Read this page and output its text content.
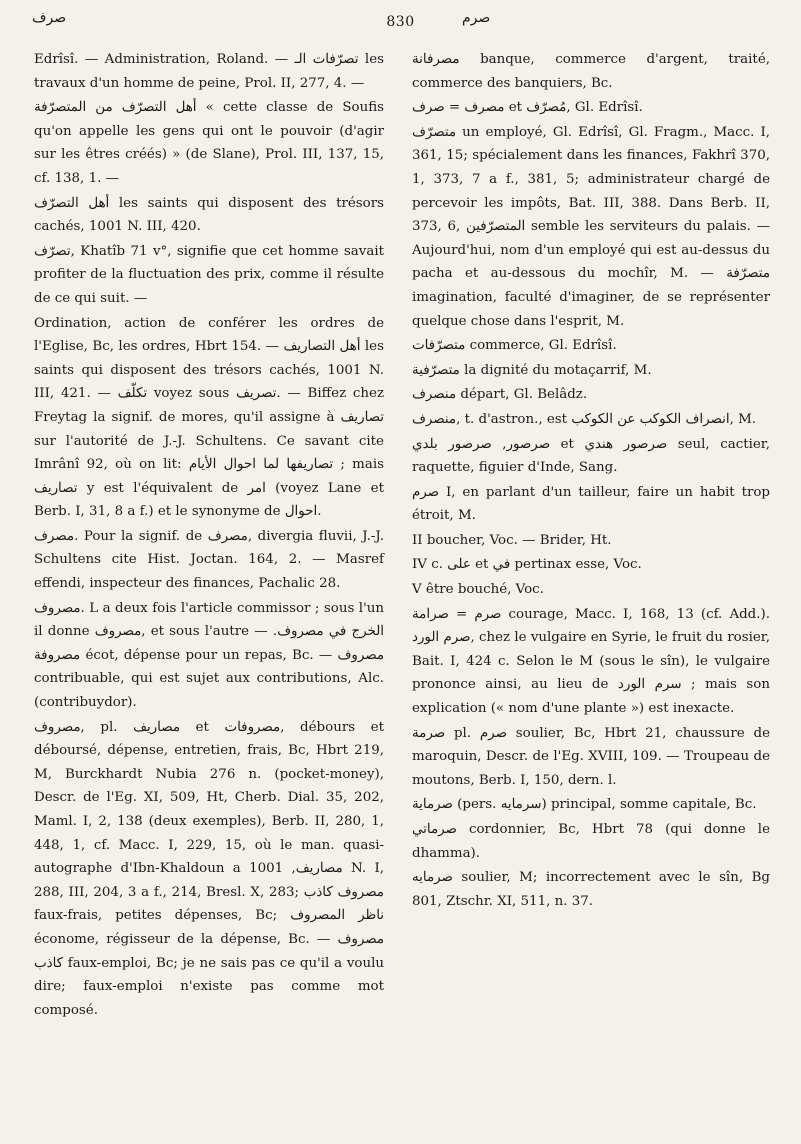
صرف	830	صرم

Edrîsî. — Administration, Roland. — تصرّفات الـ les travaux d'un homme de peine, Prol. II, 277, 4. —

أهل التصرّف من المتصرّفة « cette classe de Soufis qu'on appelle les gens qui ont le pouvoir (d'agir sur les êtres créés) » (de Slane), Prol. III, 137, 15, cf. 138, 1. —

أهل التصرّف les saints qui disposent des trésors cachés, 1001 N. III, 420.

تصرّف, Khatîb 71 v°, signifie que cet homme savait profiter de la fluctuation des prix, comme il résulte de ce qui suit. —

Ordination, action de conférer les ordres de l'Eglise, Bc, les ordres, Hbrt 154. — أهل التصاريف les saints qui disposent des trésors cachés, 1001 N. III, 421. — تكلّف voyez sous تصريف. — Biffez chez Freytag la signif. de mores, qu'il assigne à تصاريف sur l'autorité de J.-J. Schultens. Ce savant cite Imrânî 92, où on lit: تصاريفها لما احوال الأيام ; mais تصاريف y est l'équivalent de امر (voyez Lane et Berb. I, 31, 8 a f.) et le synonyme de احوال.

مصرف. Pour la signif. de مصرف, divergia fluvii, J.-J. Schultens cite Hist. Joctan. 164, 2. — Masref effendi, inspecteur des finances, Pachalic 28.

مصروف. L a deux fois l'article commissor ; sous l'un il donne مصروف, et sous l'autre الخرج في مصروف. — مصروفة écot, dépense pour un repas, Bc. — مصروف contribuable, qui est sujet aux contributions, Alc. (contribuydor).

مصروف, pl. مصاريف et مصروفات, débours et déboursé, dépense, entretien, frais, Bc, Hbrt 219, M, Burckhardt Nubia 276 n. (pocket-money), Descr. de l'Eg. XI, 509, Ht, Cherb. Dial. 35, 202, Maml. I, 2, 138 (deux exemples), Berb. II, 280, 1, 448, 1, cf. Macc. I, 229, 15, où le man. quasi-autographe d'Ibn-Khaldoun a مصاريف, 1001 N. I, 288, III, 204, 3 a f., 214, Bresl. X, 283; مصروف كاذب faux-frais, petites dépenses, Bc; ناظر المصروف économe, régisseur de la dépense, Bc. — مصروف كاذب faux-emploi, Bc; je ne sais pas ce qu'il a voulu dire; faux-emploi n'existe pas comme mot composé.

مصرفانة banque, commerce d'argent, traité, commerce des banquiers, Bc.

مصرف = صرف et مُصرّف, Gl. Edrîsî.

متصرّف un employé, Gl. Edrîsî, Gl. Fragm., Macc. I, 361, 15; spécialement dans les finances, Fakhrî 370, 1, 373, 7 a f., 381, 5; administrateur chargé de percevoir les impôts, Bat. III, 388. Dans Berb. II, 373, 6, المتصرّفين semble les serviteurs du palais. — Aujourd'hui, nom d'un employé qui est au-dessus du pacha et au-dessous du mochîr, M. — متصرّفة imagination, faculté d'imaginer, de se représenter quelque chose dans l'esprit, M.

متصرّفات commerce, Gl. Edrîsî.

متصرّفية la dignité du motaçarrif, M.

منصرف départ, Gl. Belâdz.

منصرف, t. d'astron., est انصراف الكوكب عن الكوكب, M.

صرصور, صرصور بلدي et صرصور هندي seul, cactier, raquette, figuier d'Inde, Sang.

صرم I, en parlant d'un tailleur, faire un habit trop étroit, M.

II boucher, Voc. — Brider, Ht.

IV c. على et في pertinax esse, Voc.

V être bouché, Voc.

صرم = صرامة courage, Macc. I, 168, 13 (cf. Add.). صرم الورد, chez le vulgaire en Syrie, le fruit du rosier, Bait. I, 424 c. Selon le M (sous le sîn), le vulgaire prononce ainsi, au lieu de سرم الورد ; mais son explication (« nom d'une plante ») est inexacte.

صرمة pl. صرم soulier, Bc, Hbrt 21, chaussure de maroquin, Descr. de l'Eg. XVIII, 109. — Troupeau de moutons, Berb. I, 150, dern. l.

صرماية (pers. سرمايه) principal, somme capitale, Bc.

صرماتي cordonnier, Bc, Hbrt 78 (qui donne le dhamma).

صرمايه soulier, M; incorrectement avec le sîn, Bg 801, Ztschr. XI, 511, n. 37.
